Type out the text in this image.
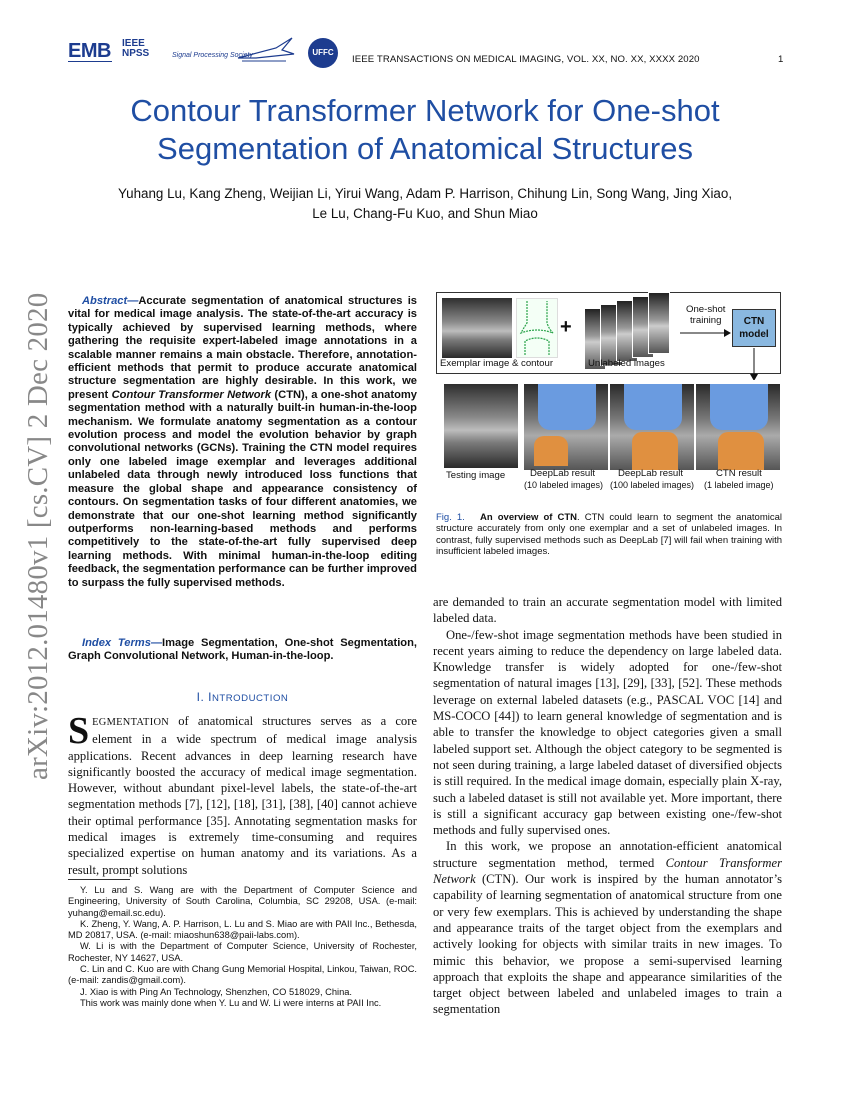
EMB IEEE
NPSS	Signal Processing Society	UFFC
IEEE TRANSACTIONS ON MEDICAL IMAGING, VOL. XX, NO. XX, XXXX 2020	1
Contour Transformer Network for One-shot
Segmentation of Anatomical Structures
Yuhang Lu, Kang Zheng, Weijian Li, Yirui Wang, Adam P. Harrison, Chihung Lin, Song Wang, Jing Xiao,
Le Lu, Chang-Fu Kuo, and Shun Miao
arXiv:2012.01480v1 [cs.CV] 2 Dec 2020	Abstract—Accurate segmentation of anatomical structures is vital for medical image analysis. The state-of-the-art accuracy is typically achieved by supervised learning methods, where gathering the requisite expert-labeled image annotations in a scalable manner remains a main obstacle. Therefore, annotation-efficient methods that permit to produce accurate anatomical structure segmentation are highly desirable. In this work, we present Contour Transformer Network (CTN), a one-shot anatomy segmentation method with a naturally built-in human-in-the-loop mechanism. We formulate anatomy segmentation as a contour evolution process and model the evolution behavior by graph convolutional networks (GCNs). Training the CTN model requires only one labeled image exemplar and leverages additional unlabeled data through newly introduced loss functions that measure the global shape and appearance consistency of contours. On segmentation tasks of four different anatomies, we demonstrate that our one-shot learning method significantly outperforms non-learning-based methods and performs competitively to the state-of-the-art fully supervised deep learning methods. With minimal human-in-the-loop editing feedback, the segmentation performance can be further improved to surpass the fully supervised methods.
Index Terms—Image Segmentation, One-shot Segmentation, Graph Convolutional Network, Human-in-the-loop.
I. INTRODUCTION
SEGMENTATION of anatomical structures serves as a core element in a wide spectrum of medical image analysis applications. Recent advances in deep learning research have significantly boosted the accuracy of medical image segmentation. However, without abundant pixel-level labels, the state-of-the-art segmentation methods [7], [12], [18], [31], [38], [40] cannot achieve their optimal performance [35]. Annotating segmentation masks for medical images is extremely time-consuming and requires specialized expertise on human anatomy and its variations. As a result, prompt solutions

Y. Lu and S. Wang are with the Department of Computer Science and Engineering, University of South Carolina, Columbia, SC 29208, USA. (e-mail: yuhang@email.sc.edu).

K. Zheng, Y. Wang, A. P. Harrison, L. Lu and S. Miao are with PAII Inc., Bethesda, MD 20817, USA. (e-mail: miaoshun638@paii-labs.com).

W. Li is with the Department of Computer Science, University of Rochester, Rochester, NY 14627, USA.

C. Lin and C. Kuo are with Chang Gung Memorial Hospital, Linkou, Taiwan, ROC. (e-mail: zandis@gmail.com).

J. Xiao is with Ping An Technology, Shenzhen, CO 518029, China.

This work was mainly done when Y. Lu and W. Li were interns at PAII Inc.

+
Exemplar image & contour	Unlabeled images
One-shot
training	CTN
model
Testing image	DeepLab result
(10 labeled images)
DeepLab result
(100 labeled images)
CTN result
(1 labeled image)
Fig. 1. An overview of CTN. CTN could learn to segment the anatomical structure accurately from only one exemplar and a set of unlabeled images. In contrast, fully supervised methods such as DeepLab [7] will fail when training with insufficient labeled images.

are demanded to train an accurate segmentation model with limited labeled data.

One-/few-shot image segmentation methods have been studied in recent years aiming to reduce the dependency on large labeled data. Knowledge transfer is widely adopted for one-/few-shot segmentation of natural images [13], [29], [33], [52]. These methods leverage on external labeled datasets (e.g., PASCAL VOC [14] and MS-COCO [44]) to learn general knowledge of segmentation and is able to transfer the knowledge to object categories given a small labeled support set. Although the object category to be segmented is not seen during training, a large labeled dataset of diversified objects is still required. In the medical image domain, especially plain X-ray, such a labeled dataset is still not available yet. More important, there is still a significant accuracy gap between existing one-/few-shot methods and fully supervised ones.

In this work, we propose an annotation-efficient anatomical structure segmentation method, termed Contour Transformer Network (CTN). Our work is inspired by the human annotator’s capability of learning segmentation of anatomical structure from one or very few exemplars. This is achieved by understanding the shape and appearance traits of the target object from the exemplars and actively looking for objects with similar traits in new images. To mimic this behavior, we propose a semi-supervised learning approach that exploits the shape and appearance similarities of the target object between labeled and unlabeled images to train a segmentation
